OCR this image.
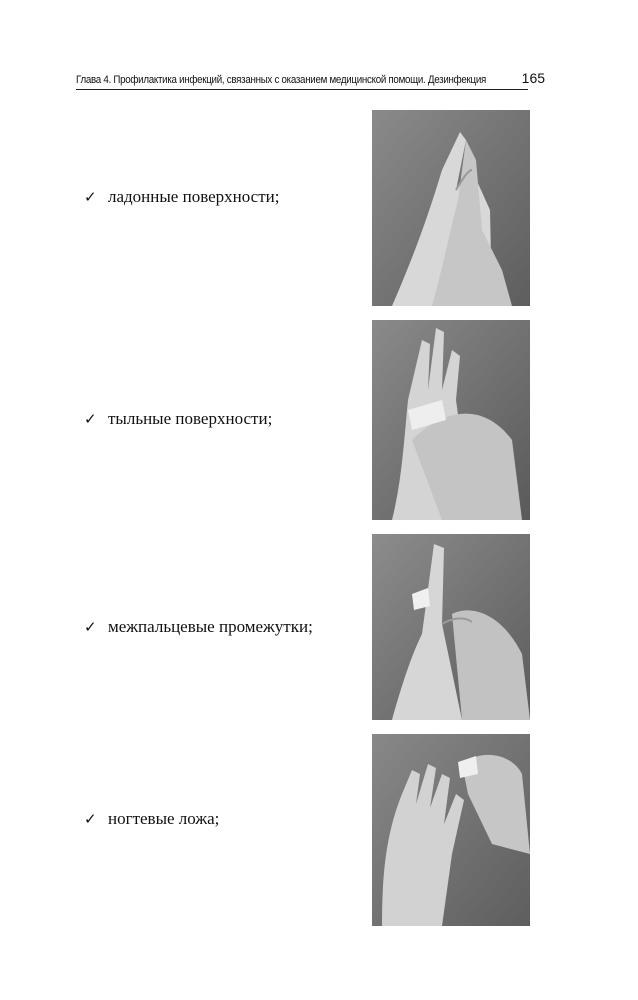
Глава 4. Профилактика инфекций, связанных с оказанием медицинской помощи. Дезинфекция	165
✓ ладонные поверхности;
✓ тыльные поверхности;
✓ межпальцевые промежутки;
✓ ногтевые ложа;
